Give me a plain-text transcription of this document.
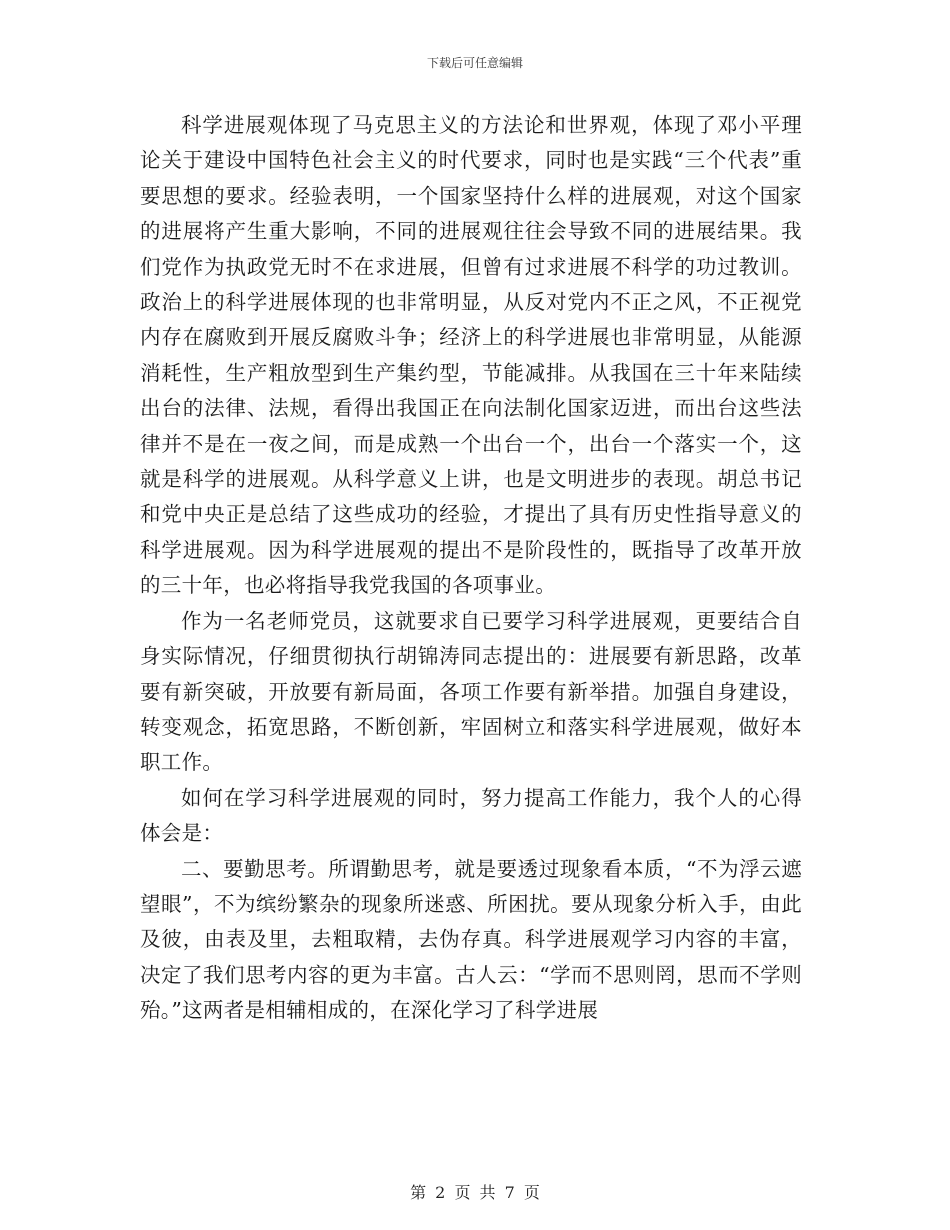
下载后可任意编辑

科学进展观体现了马克思主义的方法论和世界观，体现了邓小平理论关于建设中国特色社会主义的时代要求，同时也是实践“三个代表”重要思想的要求。经验表明，一个国家坚持什么样的进展观，对这个国家的进展将产生重大影响，不同的进展观往往会导致不同的进展结果。我们党作为执政党无时不在求进展，但曾有过求进展不科学的功过教训。政治上的科学进展体现的也非常明显，从反对党内不正之风，不正视党内存在腐败到开展反腐败斗争；经济上的科学进展也非常明显，从能源消耗性，生产粗放型到生产集约型，节能减排。从我国在三十年来陆续出台的法律、法规，看得出我国正在向法制化国家迈进，而出台这些法律并不是在一夜之间，而是成熟一个出台一个，出台一个落实一个，这就是科学的进展观。从科学意义上讲，也是文明进步的表现。胡总书记和党中央正是总结了这些成功的经验，才提出了具有历史性指导意义的科学进展观。因为科学进展观的提出不是阶段性的，既指导了改革开放的三十年，也必将指导我党我国的各项事业。

作为一名老师党员，这就要求自已要学习科学进展观，更要结合自身实际情况，仔细贯彻执行胡锦涛同志提出的：进展要有新思路，改革要有新突破，开放要有新局面，各项工作要有新举措。加强自身建设，转变观念，拓宽思路，不断创新，牢固树立和落实科学进展观，做好本职工作。

如何在学习科学进展观的同时，努力提高工作能力，我个人的心得体会是：

二、要勤思考。所谓勤思考，就是要透过现象看本质，“不为浮云遮望眼”，不为缤纷繁杂的现象所迷惑、所困扰。要从现象分析入手，由此及彼，由表及里，去粗取精，去伪存真。科学进展观学习内容的丰富，决定了我们思考内容的更为丰富。古人云：“学而不思则罔，思而不学则殆。”这两者是相辅相成的，在深化学习了科学进展

第 2 页 共 7 页
